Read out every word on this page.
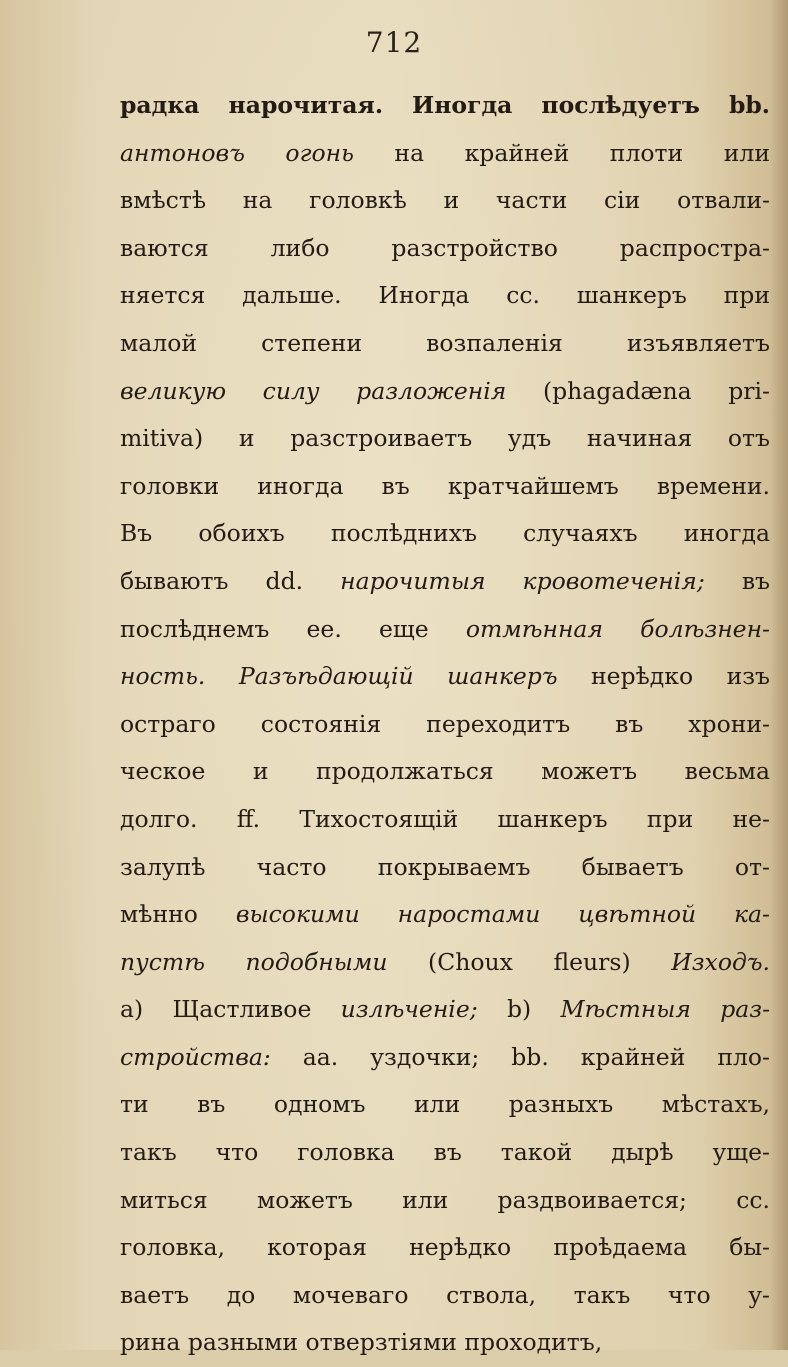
712
радка нарочитая. Иногда послѣдуетъ bb.
антоновъ огонь на крайней плоти или
вмѣстѣ на головкѣ и части сіи отвали-
ваются либо разстройство распростра-
няется дальше. Иногда cc. шанкеръ при
малой степени возпаленія изъявляетъ
великую силу разложенія (phagadæna pri-
mitiva) и разстроиваетъ удъ начиная отъ
головки иногда въ кратчайшемъ времени.
Въ обоихъ послѣднихъ случаяхъ иногда
бываютъ dd. нарочитыя кровотеченія; въ
послѣднемъ ee. еще отмѣнная болѣзнен-
ность. Разъѣдающій шанкеръ нерѣдко изъ
остраго состоянія переходитъ въ хрони-
ческое и продолжаться можетъ весьма
долго. ff. Тихостоящій шанкеръ при не-
залупѣ часто покрываемъ бываетъ от-
мѣнно высокими наростами цвѣтной ка-
пустѣ подобными (Choux fleurs) Изходъ.
a) Щастливое излѣченіе; b) Мѣстныя раз-
стройства: aa. уздочки; bb. крайней пло-
ти въ одномъ или разныхъ мѣстахъ,
такъ что головка въ такой дырѣ уще-
миться можетъ или раздвоивается; cc.
головка, которая нерѣдко проѣдаема бы-
ваетъ до мочеваго ствола, такъ что у-
рина разными отверзтіями проходитъ,
